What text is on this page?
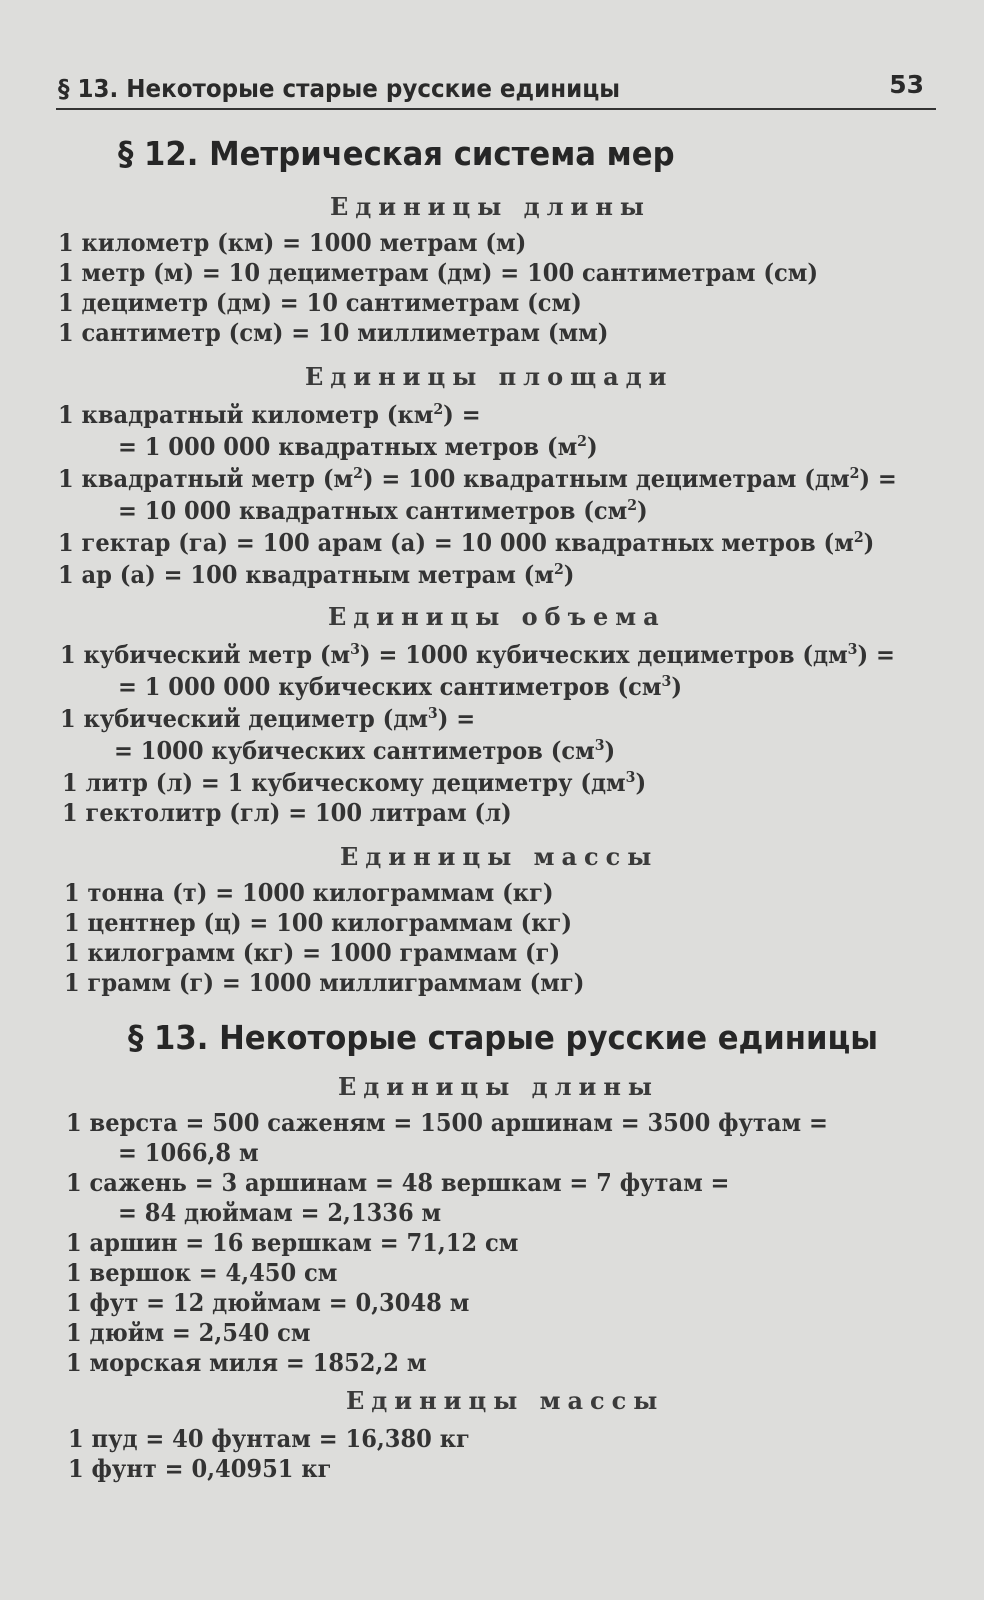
§ 13. Некоторые старые русские единицы	53
§ 12. Метрическая система мер
Единицы длины
1 километр (км) = 1000 метрам (м)
1 метр (м) = 10 дециметрам (дм) = 100 сантиметрам (см)
1 дециметр (дм) = 10 сантиметрам (см)
1 сантиметр (см) = 10 миллиметрам (мм)
Единицы площади
1 квадратный километр $(км^2)$ =
= 1 000 000 квадратных метров $(м^2)$
1 квадратный метр $(м^2) = 100$ квадратным дециметрам $(дм^2)$ =
= 10 000 квадратных сантиметров $(см^2)$
1 гектар (га) = 100 арам (а) = 10 000 квадратных метров $(м^2)$
1 ар (а) = 100 квадратным метрам $(м^2)$
Единицы объема
1 кубический метр $(м^3) = 1000$ кубических дециметров $(дм^3)$ =
= 1 000 000 кубических сантиметров $(см^3)$
1 кубический дециметр $(дм^3)$ =
= 1000 кубических сантиметров $(см^3)$
1 литр (л) = 1 кубическому дециметру $(дм^3)$
1 гектолитр (гл) = 100 литрам (л)
Единицы массы
1 тонна (т) = 1000 килограммам (кг)
1 центнер (ц) = 100 килограммам (кг)
1 килограмм (кг) = 1000 граммам (г)
1 грамм (г) = 1000 миллиграммам (мг)
§ 13. Некоторые старые русские единицы
Единицы длины
1 верста = 500 саженям = 1500 аршинам = 3500 футам =
= 1066,8 м
1 сажень = 3 аршинам = 48 вершкам = 7 футам =
= 84 дюймам = 2,1336 м
1 аршин = 16 вершкам = 71,12 см
1 вершок = 4,450 см
1 фут = 12 дюймам = 0,3048 м
1 дюйм = 2,540 см
1 морская миля = 1852,2 м
Единицы массы
1 пуд = 40 фунтам = 16,380 кг
1 фунт = 0,40951 кг
